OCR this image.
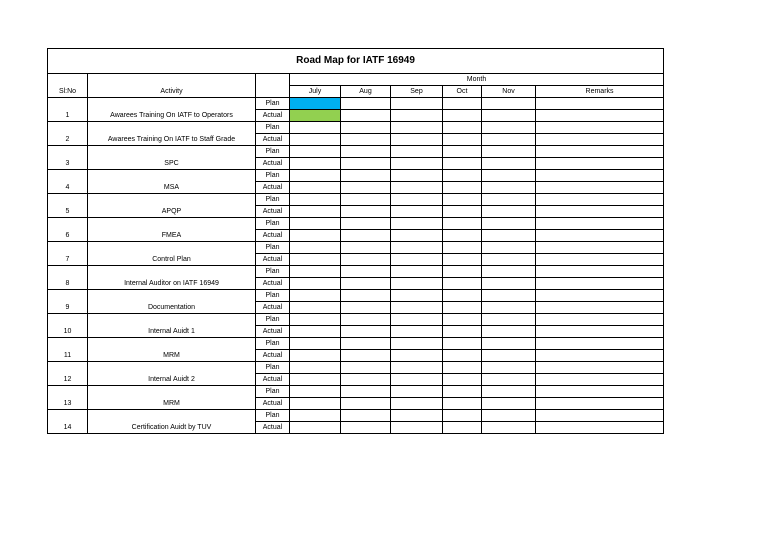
Road Map for IATF 16949								
Sl:No	Activity		Month					
			July	Aug	Sep	Oct	Nov	Remarks
1	Awarees Training On IATF to Operators	Plan						
		Actual						
2	Awarees Training On IATF to Staff Grade	Plan						
		Actual						
3	SPC	Plan						
		Actual						
4	MSA	Plan						
		Actual						
5	APQP	Plan						
		Actual						
6	FMEA	Plan						
		Actual						
7	Control Plan	Plan						
		Actual						
8	Internal Auditor on IATF 16949	Plan						
		Actual						
9	Documentation	Plan						
		Actual						
10	Internal Auidt 1	Plan						
		Actual						
11	MRM	Plan						
		Actual						
12	Internal Auidt 2	Plan						
		Actual						
13	MRM	Plan						
		Actual						
14	Certification Auidt by TUV	Plan						
		Actual						
